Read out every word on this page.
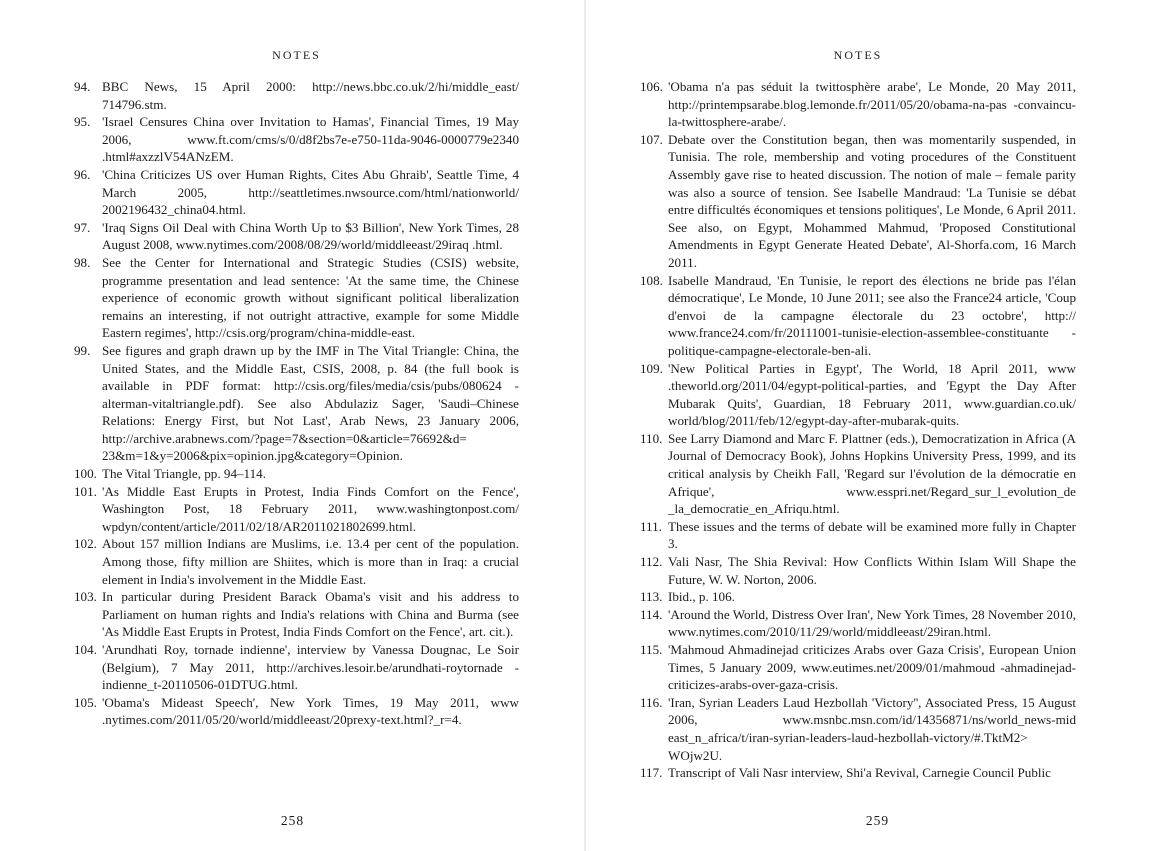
NOTES

94. BBC News, 15 April 2000: http://news.bbc.co.uk/2/hi/middle_east/ 714796.stm.

95. 'Israel Censures China over Invitation to Hamas', Financial Times, 19 May 2006, www.ft.com/cms/s/0/d8f2bs7e-e750-11da-9046-0000779e2340 .html#axzzlV54ANzEM.

96. 'China Criticizes US over Human Rights, Cites Abu Ghraib', Seattle Time, 4 March 2005, http://seattletimes.nwsource.com/html/nationworld/ 2002196432_china04.html.

97. 'Iraq Signs Oil Deal with China Worth Up to $3 Billion', New York Times, 28 August 2008, www.nytimes.com/2008/08/29/world/middleeast/29iraq .html.

98. See the Center for International and Strategic Studies (CSIS) website, programme presentation and lead sentence: 'At the same time, the Chinese experience of economic growth without significant political liberalization remains an interesting, if not outright attractive, example for some Middle Eastern regimes', http://csis.org/program/china-middle-east.

99. See figures and graph drawn up by the IMF in The Vital Triangle: China, the United States, and the Middle East, CSIS, 2008, p. 84 (the full book is available in PDF format: http://csis.org/files/media/csis/pubs/080624 -alterman-vitaltriangle.pdf). See also Abdulaziz Sager, 'Saudi–Chinese Relations: Energy First, but Not Last', Arab News, 23 January 2006, http://archive.arabnews.com/?page=7&section=0&article=76692&d= 23&m=1&y=2006&pix=opinion.jpg&category=Opinion.

100. The Vital Triangle, pp. 94–114.

101. 'As Middle East Erupts in Protest, India Finds Comfort on the Fence', Washington Post, 18 February 2011, www.washingtonpost.com/ wpdyn/content/article/2011/02/18/AR2011021802699.html.

102. About 157 million Indians are Muslims, i.e. 13.4 per cent of the population. Among those, fifty million are Shiites, which is more than in Iraq: a crucial element in India's involvement in the Middle East.

103. In particular during President Barack Obama's visit and his address to Parliament on human rights and India's relations with China and Burma (see 'As Middle East Erupts in Protest, India Finds Comfort on the Fence', art. cit.).

104. 'Arundhati Roy, tornade indienne', interview by Vanessa Dougnac, Le Soir (Belgium), 7 May 2011, http://archives.lesoir.be/arundhati-roytornade -indienne_t-20110506-01DTUG.html.

105. 'Obama's Mideast Speech', New York Times, 19 May 2011, www .nytimes.com/2011/05/20/world/middleeast/20prexy-text.html?_r=4.

258
NOTES

106. 'Obama n'a pas séduit la twittosphère arabe', Le Monde, 20 May 2011, http://printempsarabe.blog.lemonde.fr/2011/05/20/obama-na-pas -convaincu-la-twittosphere-arabe/.

107. Debate over the Constitution began, then was momentarily suspended, in Tunisia. The role, membership and voting procedures of the Constituent Assembly gave rise to heated discussion. The notion of male – female parity was also a source of tension. See Isabelle Mandraud: 'La Tunisie se débat entre difficultés économiques et tensions politiques', Le Monde, 6 April 2011. See also, on Egypt, Mohammed Mahmud, 'Proposed Constitutional Amendments in Egypt Generate Heated Debate', Al-Shorfa.com, 16 March 2011.

108. Isabelle Mandraud, 'En Tunisie, le report des élections ne bride pas l'élan démocratique', Le Monde, 10 June 2011; see also the France24 article, 'Coup d'envoi de la campagne électorale du 23 octobre', http:// www.france24.com/fr/20111001-tunisie-election-assemblee-constituante -politique-campagne-electorale-ben-ali.

109. 'New Political Parties in Egypt', The World, 18 April 2011, www .theworld.org/2011/04/egypt-political-parties, and 'Egypt the Day After Mubarak Quits', Guardian, 18 February 2011, www.guardian.co.uk/ world/blog/2011/feb/12/egypt-day-after-mubarak-quits.

110. See Larry Diamond and Marc F. Plattner (eds.), Democratization in Africa (A Journal of Democracy Book), Johns Hopkins University Press, 1999, and its critical analysis by Cheikh Fall, 'Regard sur l'évolution de la démocratie en Afrique', www.esspri.net/Regard_sur_l_evolution_de _la_democratie_en_Afriqu.html.

111. These issues and the terms of debate will be examined more fully in Chapter 3.

112. Vali Nasr, The Shia Revival: How Conflicts Within Islam Will Shape the Future, W. W. Norton, 2006.

113. Ibid., p. 106.

114. 'Around the World, Distress Over Iran', New York Times, 28 November 2010, www.nytimes.com/2010/11/29/world/middleeast/29iran.html.

115. 'Mahmoud Ahmadinejad criticizes Arabs over Gaza Crisis', European Union Times, 5 January 2009, www.eutimes.net/2009/01/mahmoud -ahmadinejad-criticizes-arabs-over-gaza-crisis.

116. 'Iran, Syrian Leaders Laud Hezbollah 'Victory'', Associated Press, 15 August 2006, www.msnbc.msn.com/id/14356871/ns/world_news-mid east_n_africa/t/iran-syrian-leaders-laud-hezbollah-victory/#.TktM2> WOjw2U.

117. Transcript of Vali Nasr interview, Shi'a Revival, Carnegie Council Public

259
